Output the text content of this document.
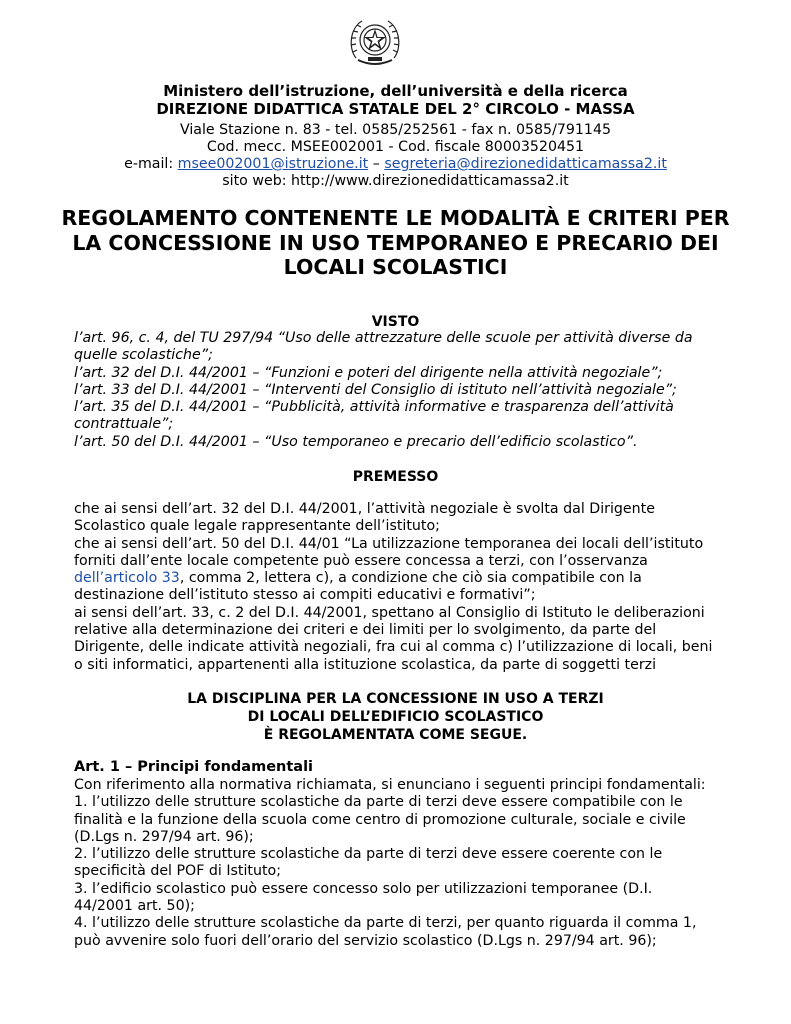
Ministero dell’istruzione, dell’università e della ricerca
DIREZIONE DIDATTICA STATALE DEL 2° CIRCOLO - MASSA
Viale Stazione n. 83 - tel. 0585/252561 - fax n. 0585/791145
Cod. mecc. MSEE002001 - Cod. fiscale 80003520451
e-mail: msee002001@istruzione.it – segreteria@direzionedidatticamassa2.it
sito web: http://www.direzionedidatticamassa2.it
REGOLAMENTO CONTENENTE LE MODALITÀ E CRITERI PER
LA CONCESSIONE IN USO TEMPORANEO E PRECARIO DEI
LOCALI SCOLASTICI
VISTO
l’art. 96, c. 4, del TU 297/94 “Uso delle attrezzature delle scuole per attività diverse da
quelle scolastiche”;
l’art. 32 del D.I. 44/2001 – “Funzioni e poteri del dirigente nella attività negoziale”;
l’art. 33 del D.I. 44/2001 – “Interventi del Consiglio di istituto nell’attività negoziale”;
l’art. 35 del D.I. 44/2001 – “Pubblicità, attività informative e trasparenza dell’attività
contrattuale”;
l’art. 50 del D.I. 44/2001 – “Uso temporaneo e precario dell’edificio scolastico”.
PREMESSO
che ai sensi dell’art. 32 del D.I. 44/2001, l’attività negoziale è svolta dal Dirigente
Scolastico quale legale rappresentante dell’istituto;
che ai sensi dell’art. 50 del D.I. 44/01 “La utilizzazione temporanea dei locali dell’istituto
forniti dall’ente locale competente può essere concessa a terzi, con l’osservanza
dell’articolo 33, comma 2, lettera c), a condizione che ciò sia compatibile con la
destinazione dell’istituto stesso ai compiti educativi e formativi”;
ai sensi dell’art. 33, c. 2 del D.I. 44/2001, spettano al Consiglio di Istituto le deliberazioni
relative alla determinazione dei criteri e dei limiti per lo svolgimento, da parte del
Dirigente, delle indicate attività negoziali, fra cui al comma c) l’utilizzazione di locali, beni
o siti informatici, appartenenti alla istituzione scolastica, da parte di soggetti terzi
LA DISCIPLINA PER LA CONCESSIONE IN USO A TERZI
DI LOCALI DELL’EDIFICIO SCOLASTICO
È REGOLAMENTATA COME SEGUE.
Art. 1 – Principi fondamentali
Con riferimento alla normativa richiamata, si enunciano i seguenti principi fondamentali:
1. l’utilizzo delle strutture scolastiche da parte di terzi deve essere compatibile con le
finalità e la funzione della scuola come centro di promozione culturale, sociale e civile
(D.Lgs n. 297/94 art. 96);
2. l’utilizzo delle strutture scolastiche da parte di terzi deve essere coerente con le
specificità del POF di Istituto;
3. l’edificio scolastico può essere concesso solo per utilizzazioni temporanee (D.I.
44/2001 art. 50);
4. l’utilizzo delle strutture scolastiche da parte di terzi, per quanto riguarda il comma 1,
può avvenire solo fuori dell’orario del servizio scolastico (D.Lgs n. 297/94 art. 96);
